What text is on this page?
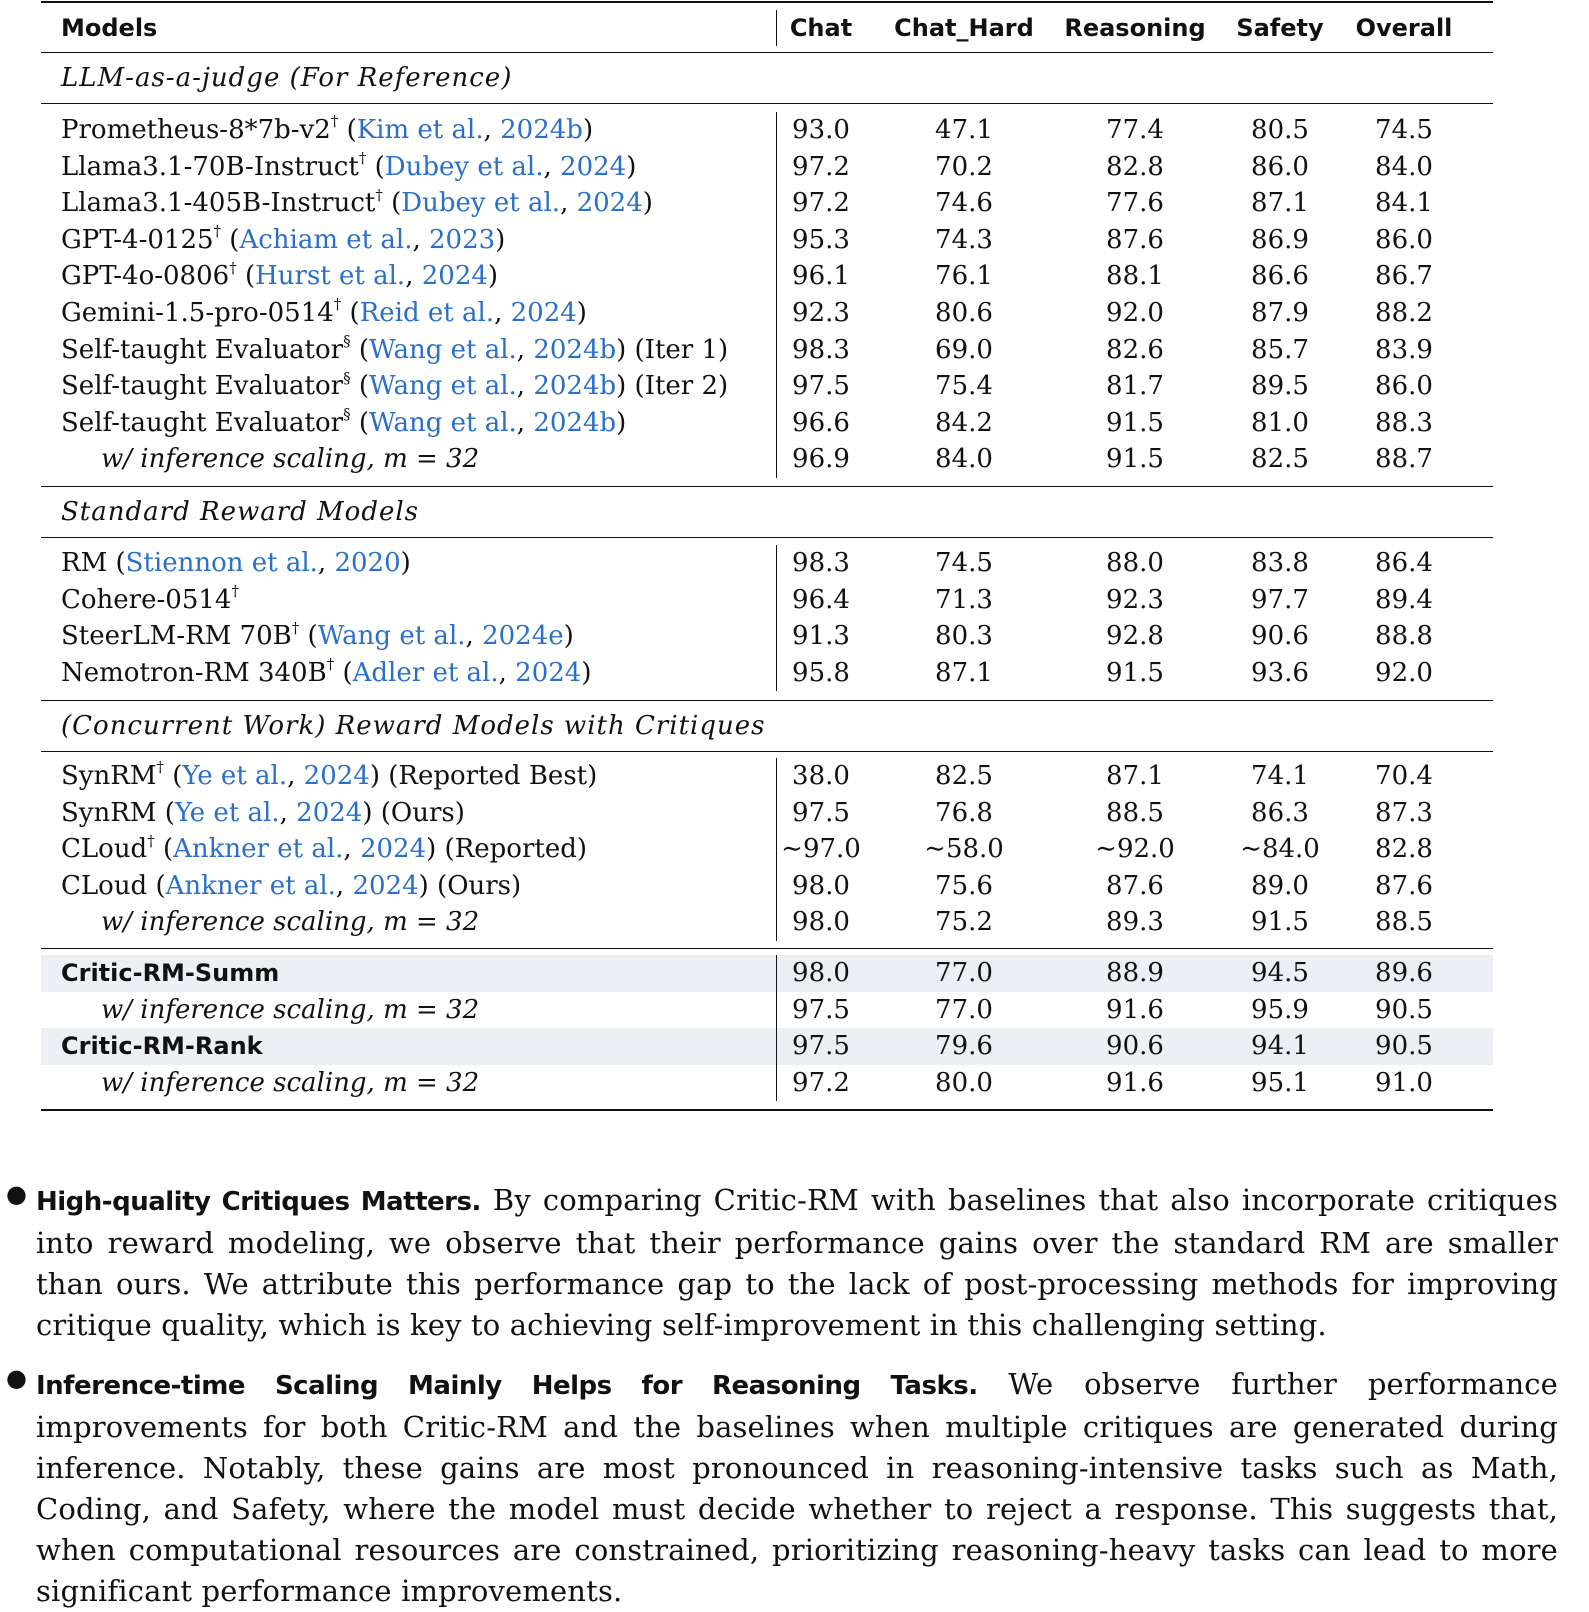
Models	Chat	Chat_Hard	Reasoning	Safety	Overall
LLM-as-a-judge (For Reference)
Prometheus-8*7b-v2† (Kim et al., 2024b)	93.0	47.1	77.4	80.5	74.5
Llama3.1-70B-Instruct† (Dubey et al., 2024)	97.2	70.2	82.8	86.0	84.0
Llama3.1-405B-Instruct† (Dubey et al., 2024)	97.2	74.6	77.6	87.1	84.1
GPT-4-0125† (Achiam et al., 2023)	95.3	74.3	87.6	86.9	86.0
GPT-4o-0806† (Hurst et al., 2024)	96.1	76.1	88.1	86.6	86.7
Gemini-1.5-pro-0514† (Reid et al., 2024)	92.3	80.6	92.0	87.9	88.2
Self-taught Evaluator§ (Wang et al., 2024b) (Iter 1)	98.3	69.0	82.6	85.7	83.9
Self-taught Evaluator§ (Wang et al., 2024b) (Iter 2)	97.5	75.4	81.7	89.5	86.0
Self-taught Evaluator§ (Wang et al., 2024b)	96.6	84.2	91.5	81.0	88.3
w/ inference scaling, m = 32	96.9	84.0	91.5	82.5	88.7
Standard Reward Models
RM (Stiennon et al., 2020)	98.3	74.5	88.0	83.8	86.4
Cohere-0514†	96.4	71.3	92.3	97.7	89.4
SteerLM-RM 70B† (Wang et al., 2024e)	91.3	80.3	92.8	90.6	88.8
Nemotron-RM 340B† (Adler et al., 2024)	95.8	87.1	91.5	93.6	92.0
(Concurrent Work) Reward Models with Critiques
SynRM† (Ye et al., 2024) (Reported Best)	38.0	82.5	87.1	74.1	70.4
SynRM (Ye et al., 2024) (Ours)	97.5	76.8	88.5	86.3	87.3
CLoud† (Ankner et al., 2024) (Reported)	∼97.0	∼58.0	∼92.0	∼84.0	82.8
CLoud (Ankner et al., 2024) (Ours)	98.0	75.6	87.6	89.0	87.6
w/ inference scaling, m = 32	98.0	75.2	89.3	91.5	88.5
Critic-RM-Summ	98.0	77.0	88.9	94.5	89.6
w/ inference scaling, m = 32	97.5	77.0	91.6	95.9	90.5
Critic-RM-Rank	97.5	79.6	90.6	94.1	90.5
w/ inference scaling, m = 32	97.2	80.0	91.6	95.1	91.0
● High-quality Critiques Matters. By comparing Critic-RM with baselines that also incorporate critiques into reward modeling, we observe that their performance gains over the standard RM are smaller than ours. We attribute this performance gap to the lack of post-processing methods for improving critique quality, which is key to achieving self-improvement in this challenging setting.
● Inference-time Scaling Mainly Helps for Reasoning Tasks. We observe further performance improvements for both Critic-RM and the baselines when multiple critiques are generated during inference. Notably, these gains are most pronounced in reasoning-intensive tasks such as Math, Coding, and Safety, where the model must decide whether to reject a response. This suggests that, when computational resources are constrained, prioritizing reasoning-heavy tasks can lead to more significant performance improvements.
